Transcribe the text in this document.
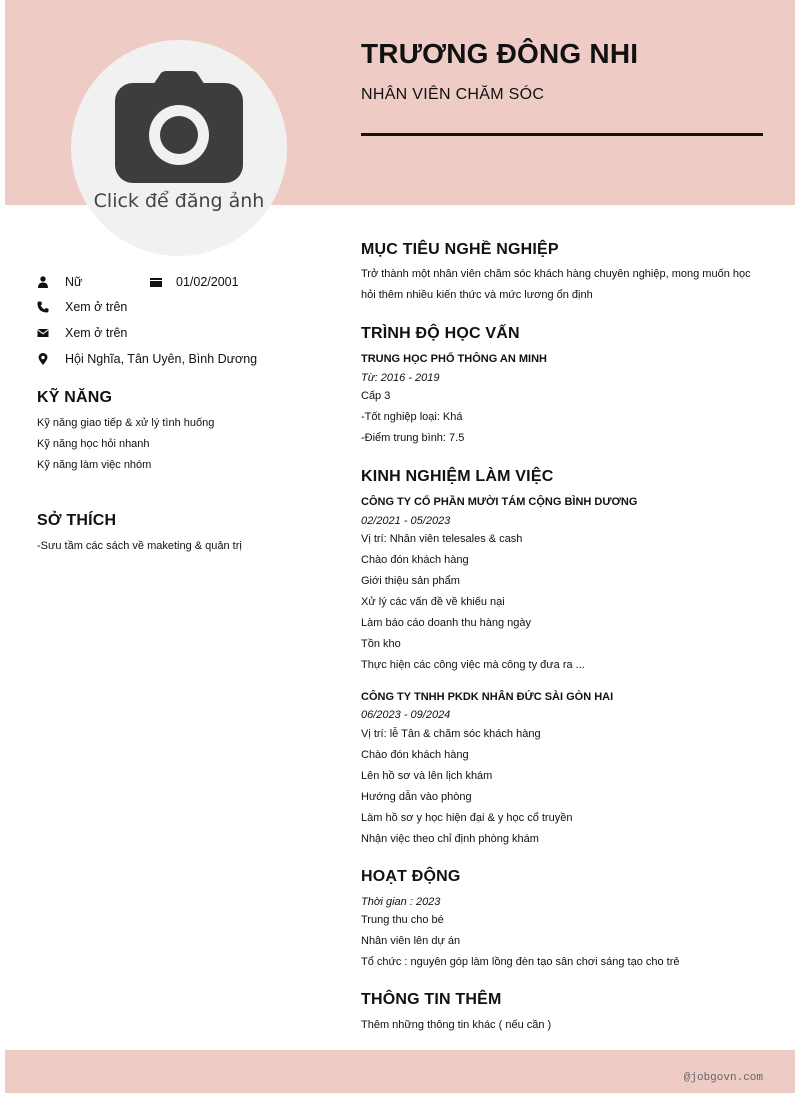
Click để đăng ảnh
TRƯƠNG ĐÔNG NHI
NHÂN VIÊN CHĂM SÓC
Nữ	01/02/2001
Xem ở trên
Xem ở trên
Hội Nghĩa, Tân Uyên, Bình Dương
KỸ NĂNG
Kỹ năng giao tiếp & xử lý tình huống
Kỹ năng học hỏi nhanh
Kỹ năng làm việc nhóm
SỞ THÍCH
-Sưu tầm các sách về maketing & quản trị
MỤC TIÊU NGHỀ NGHIỆP
Trở thành một nhân viên chăm sóc khách hàng chuyên nghiệp, mong muốn học hỏi thêm nhiều kiến thức và mức lương ổn định
TRÌNH ĐỘ HỌC VẤN
TRUNG HỌC PHỔ THÔNG AN MINH
Từ: 2016 - 2019
Cấp 3
-Tốt nghiệp loại: Khá
-Điểm trung bình: 7.5
KINH NGHIỆM LÀM VIỆC
CÔNG TY CỔ PHẦN MƯỜI TÁM CỘNG BÌNH DƯƠNG
02/2021 - 05/2023
Vị trí: Nhân viên telesales & cash
Chào đón khách hàng
Giới thiệu sản phẩm
Xử lý các vấn đề về khiếu nại
Làm báo cáo doanh thu hàng ngày
Tồn kho
Thực hiện các công việc mà công ty đưa ra ...
CÔNG TY TNHH PKDK NHÂN ĐỨC SÀI GÒN HAI
06/2023 - 09/2024
Vị trí: lễ Tân & chăm sóc khách hàng
Chào đón khách hàng
Lên hồ sơ và lên lịch khám
Hướng dẫn vào phòng
Làm hồ sơ y học hiện đại & y học cổ truyền
Nhận việc theo chỉ định phòng khám
HOẠT ĐỘNG
Thời gian : 2023
Trung thu cho bé
Nhân viên lên dự án
Tổ chức : nguyên góp làm lồng đèn tạo sân chơi sáng tạo cho trẻ
THÔNG TIN THÊM
Thêm những thông tin khác ( nếu cần )
@jobgovn.com
